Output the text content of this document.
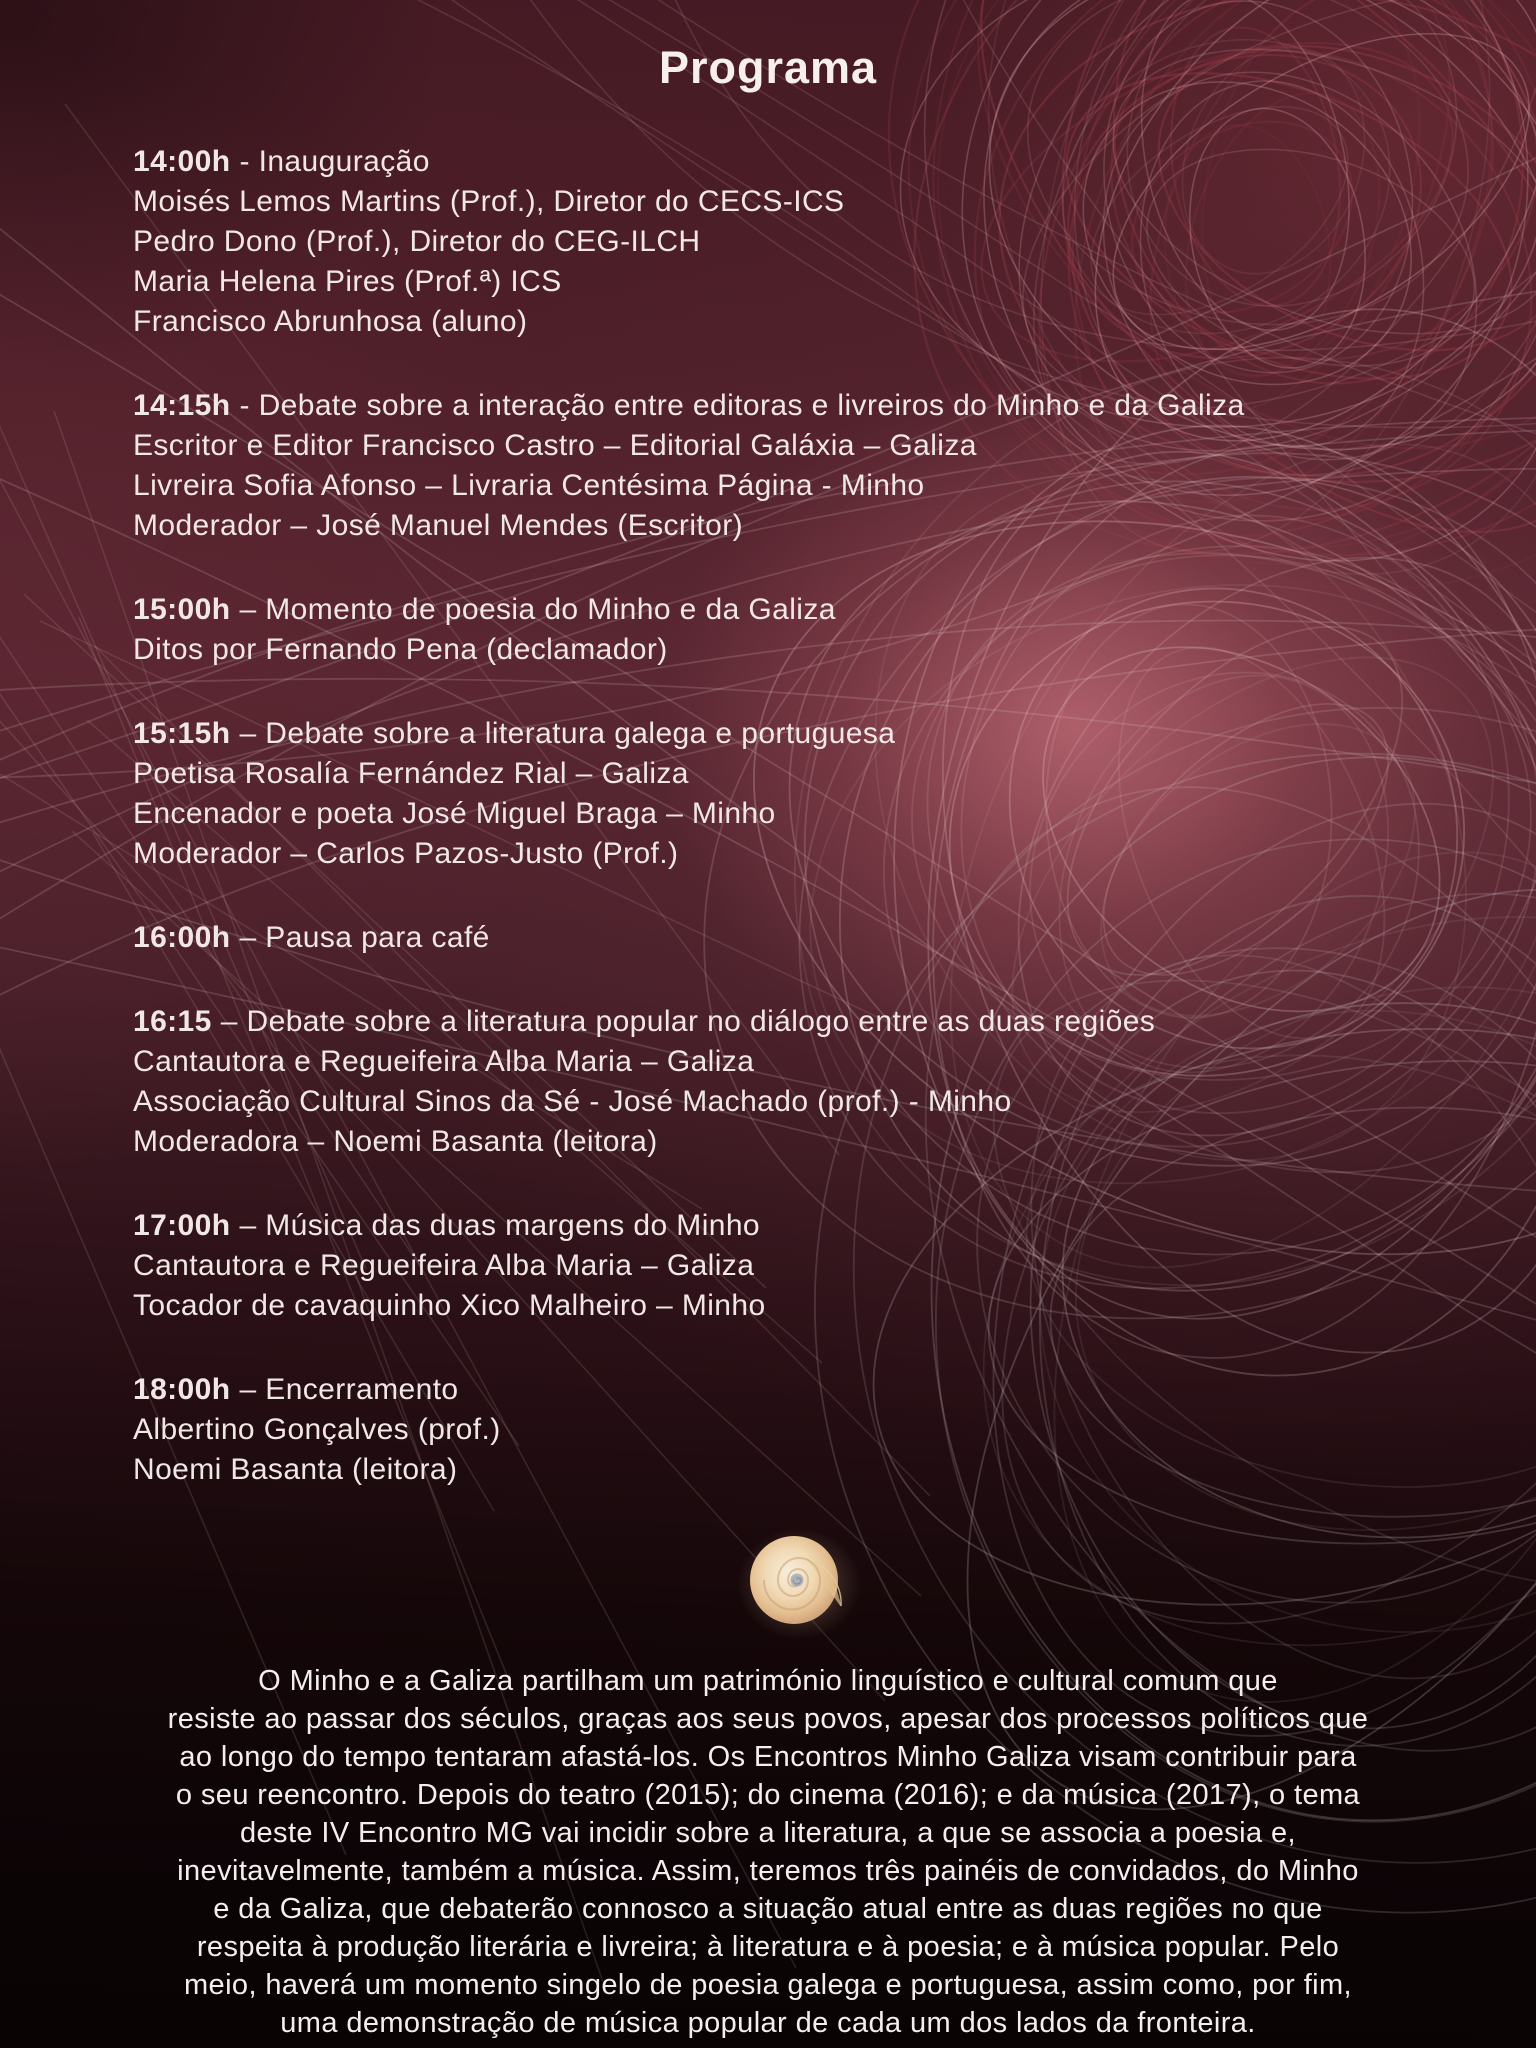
Programa
14:00h - Inauguração
Moisés Lemos Martins (Prof.), Diretor do CECS-ICS
Pedro Dono (Prof.), Diretor do CEG-ILCH
Maria Helena Pires (Prof.ª) ICS
Francisco Abrunhosa (aluno)
14:15h - Debate sobre a interação entre editoras e livreiros do Minho e da Galiza
Escritor e Editor Francisco Castro – Editorial Galáxia – Galiza
Livreira Sofia Afonso – Livraria Centésima Página - Minho
Moderador – José Manuel Mendes (Escritor)
15:00h – Momento de poesia do Minho e da Galiza
Ditos por Fernando Pena (declamador)
15:15h – Debate sobre a literatura galega e portuguesa
Poetisa Rosalía Fernández Rial – Galiza
Encenador e poeta José Miguel Braga – Minho
Moderador – Carlos Pazos-Justo (Prof.)
16:00h – Pausa para café
16:15 – Debate sobre a literatura popular no diálogo entre as duas regiões
Cantautora e Regueifeira Alba Maria – Galiza
Associação Cultural Sinos da Sé - José Machado (prof.) - Minho
Moderadora – Noemi Basanta (leitora)
17:00h – Música das duas margens do Minho
Cantautora e Regueifeira Alba Maria – Galiza
Tocador de cavaquinho Xico Malheiro – Minho
18:00h – Encerramento
Albertino Gonçalves (prof.)
Noemi Basanta (leitora)
O Minho e a Galiza partilham um património linguístico e cultural comum que
resiste ao passar dos séculos, graças aos seus povos, apesar dos processos políticos que
ao longo do tempo tentaram afastá-los. Os Encontros Minho Galiza visam contribuir para
o seu reencontro. Depois do teatro (2015); do cinema (2016); e da música (2017), o tema
deste IV Encontro MG vai incidir sobre a literatura, a que se associa a poesia e,
inevitavelmente, também a música. Assim, teremos três painéis de convidados, do Minho
e da Galiza, que debaterão connosco a situação atual entre as duas regiões no que
respeita à produção literária e livreira; à literatura e à poesia; e à música popular. Pelo
meio, haverá um momento singelo de poesia galega e portuguesa, assim como, por fim,
uma demonstração de música popular de cada um dos lados da fronteira.
